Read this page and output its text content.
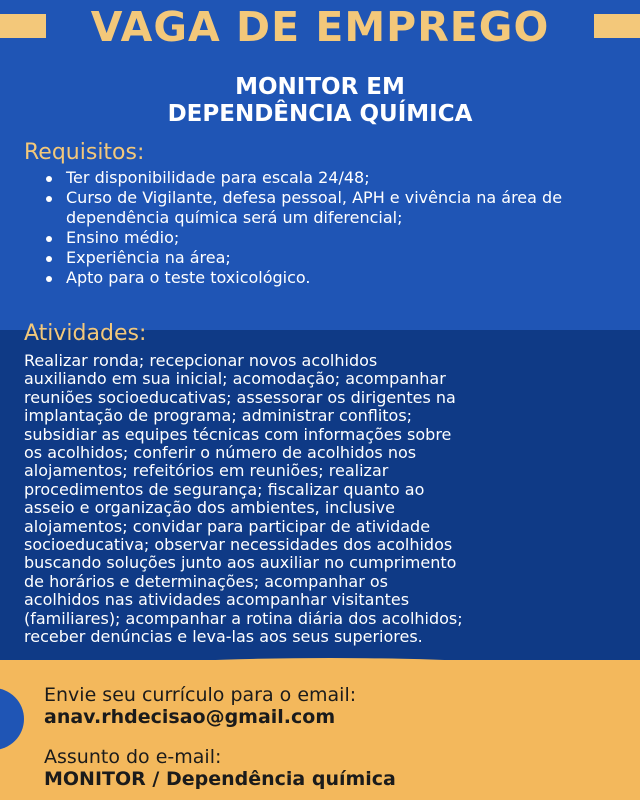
VAGA DE EMPREGO
MONITOR EM
DEPENDÊNCIA QUÍMICA
Requisitos:
Ter disponibilidade para escala 24/48;
Curso de Vigilante, defesa pessoal, APH e vivência na área de dependência química será um diferencial;
Ensino médio;
Experiência na área;
Apto para o teste toxicológico.
Atividades:
Realizar ronda; recepcionar novos acolhidos
auxiliando em sua inicial; acomodação; acompanhar
reuniões socioeducativas; assessorar os dirigentes na
implantação de programa; administrar conflitos;
subsidiar as equipes técnicas com informações sobre
os acolhidos; conferir o número de acolhidos nos
alojamentos; refeitórios em reuniões; realizar
procedimentos de segurança; fiscalizar quanto ao
asseio e organização dos ambientes, inclusive
alojamentos; convidar para participar de atividade
socioeducativa; observar necessidades dos acolhidos
buscando soluções junto aos auxiliar no cumprimento
de horários e determinações; acompanhar os
acolhidos nas atividades acompanhar visitantes
(familiares); acompanhar a rotina diária dos acolhidos;
receber denúncias e leva-las aos seus superiores.
Envie seu currículo para o email:
anav.rhdecisao@gmail.com
Assunto do e-mail:
MONITOR / Dependência química
